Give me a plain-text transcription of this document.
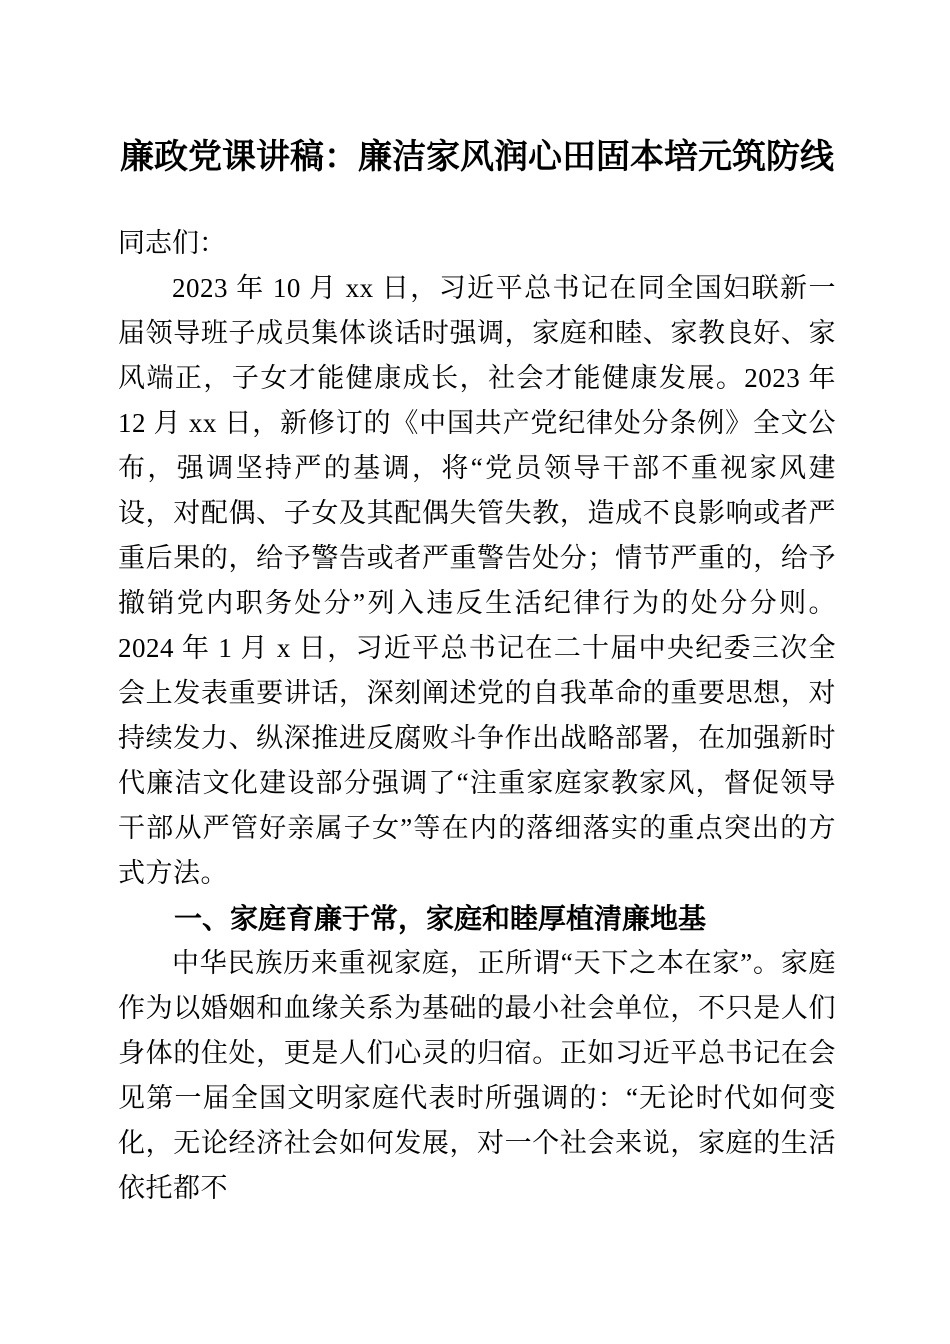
廉政党课讲稿：廉洁家风润心田固本培元筑防线

同志们：

2023 年 10 月 xx 日，习近平总书记在同全国妇联新一届领导班子成员集体谈话时强调，家庭和睦、家教良好、家风端正，子女才能健康成长，社会才能健康发展。2023 年 12 月 xx 日，新修订的《中国共产党纪律处分条例》全文公布，强调坚持严的基调，将“党员领导干部不重视家风建设，对配偶、子女及其配偶失管失教，造成不良影响或者严重后果的，给予警告或者严重警告处分；情节严重的，给予撤销党内职务处分”列入违反生活纪律行为的处分分则。2024 年 1 月 x 日，习近平总书记在二十届中央纪委三次全会上发表重要讲话，深刻阐述党的自我革命的重要思想，对持续发力、纵深推进反腐败斗争作出战略部署，在加强新时代廉洁文化建设部分强调了“注重家庭家教家风，督促领导干部从严管好亲属子女”等在内的落细落实的重点突出的方式方法。

一、家庭育廉于常，家庭和睦厚植清廉地基

中华民族历来重视家庭，正所谓“天下之本在家”。家庭作为以婚姻和血缘关系为基础的最小社会单位，不只是人们身体的住处，更是人们心灵的归宿。正如习近平总书记在会见第一届全国文明家庭代表时所强调的：“无论时代如何变化，无论经济社会如何发展，对一个社会来说，家庭的生活依托都不
